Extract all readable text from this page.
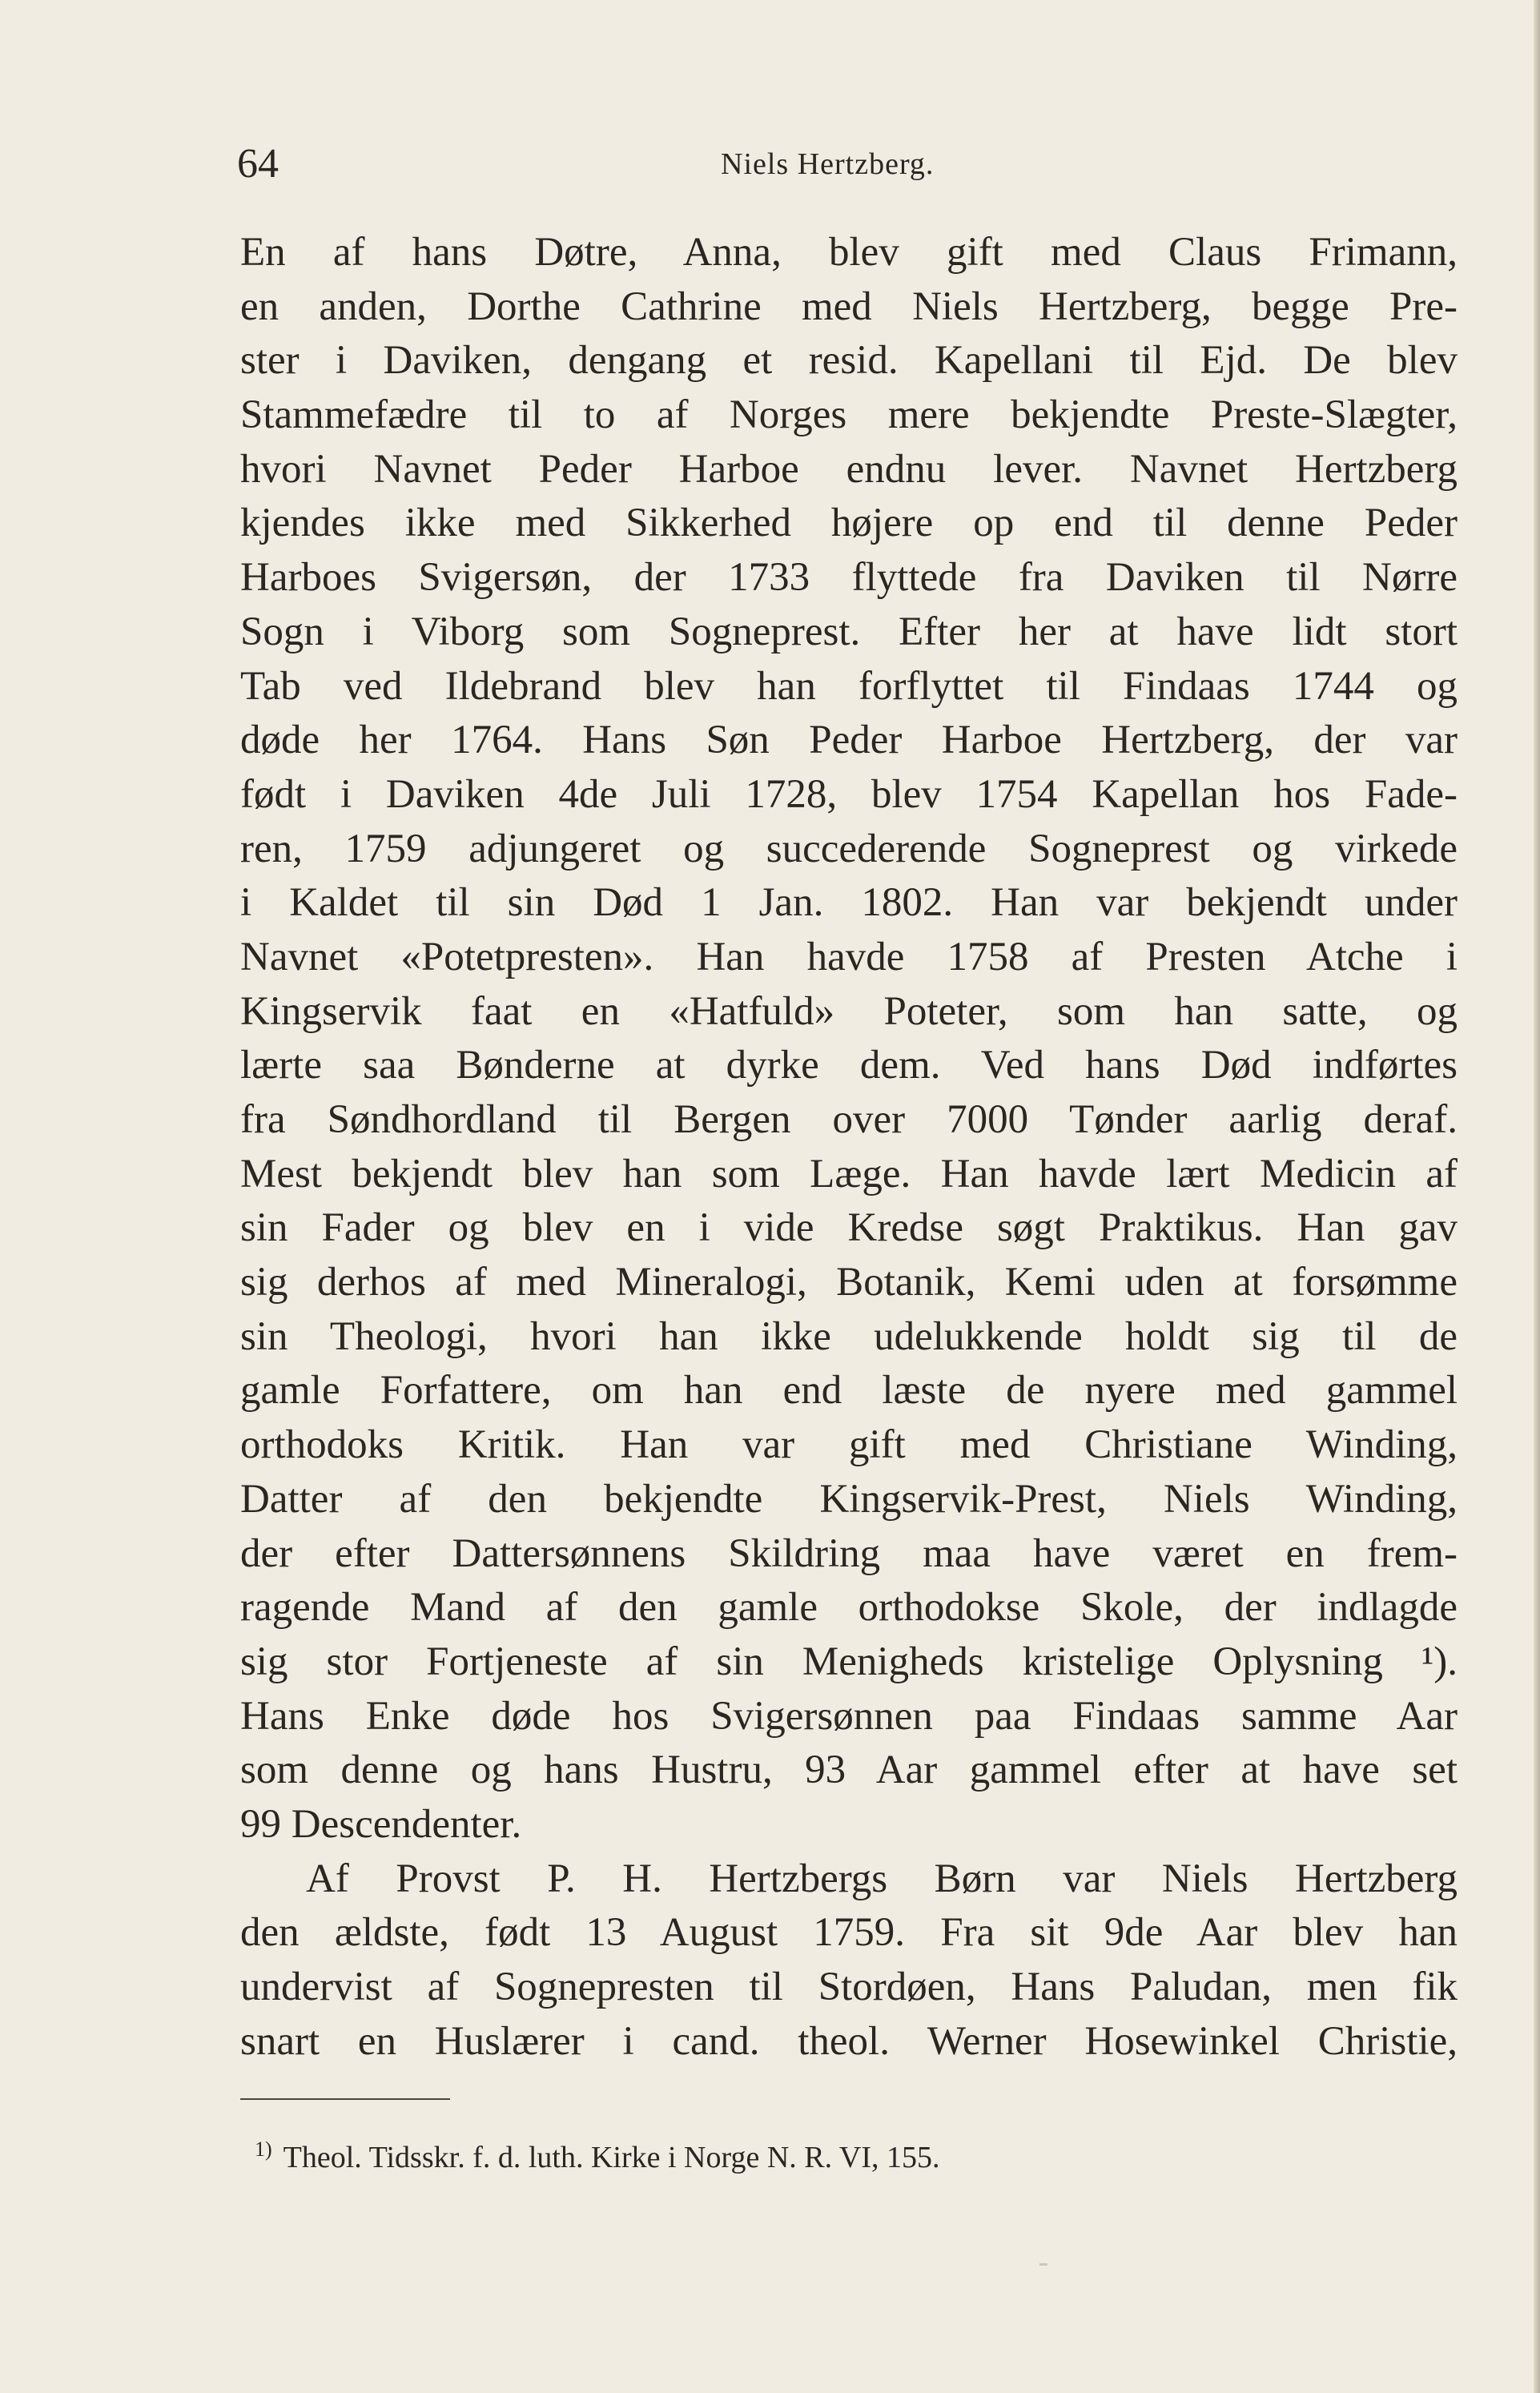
64	Niels Hertzberg.
En af hans Døtre, Anna, blev gift med Claus Frimann,
en anden, Dorthe Cathrine med Niels Hertzberg, begge Pre-
ster i Daviken, dengang et resid. Kapellani til Ejd. De blev
Stammefædre til to af Norges mere bekjendte Preste-Slægter,
hvori Navnet Peder Harboe endnu lever. Navnet Hertzberg
kjendes ikke med Sikkerhed højere op end til denne Peder
Harboes Svigersøn, der 1733 flyttede fra Daviken til Nørre
Sogn i Viborg som Sogneprest. Efter her at have lidt stort
Tab ved Ildebrand blev han forflyttet til Findaas 1744 og
døde her 1764. Hans Søn Peder Harboe Hertzberg, der var
født i Daviken 4de Juli 1728, blev 1754 Kapellan hos Fade-
ren, 1759 adjungeret og succederende Sogneprest og virkede
i Kaldet til sin Død 1 Jan. 1802. Han var bekjendt under
Navnet «Potetpresten». Han havde 1758 af Presten Atche i
Kingservik faat en «Hatfuld» Poteter, som han satte, og
lærte saa Bønderne at dyrke dem. Ved hans Død indførtes
fra Søndhordland til Bergen over 7000 Tønder aarlig deraf.
Mest bekjendt blev han som Læge. Han havde lært Medicin af
sin Fader og blev en i vide Kredse søgt Praktikus. Han gav
sig derhos af med Mineralogi, Botanik, Kemi uden at forsømme
sin Theologi, hvori han ikke udelukkende holdt sig til de
gamle Forfattere, om han end læste de nyere med gammel
orthodoks Kritik. Han var gift med Christiane Winding,
Datter af den bekjendte Kingservik-Prest, Niels Winding,
der efter Dattersønnens Skildring maa have været en frem-
ragende Mand af den gamle orthodokse Skole, der indlagde
sig stor Fortjeneste af sin Menigheds kristelige Oplysning ¹).
Hans Enke døde hos Svigersønnen paa Findaas samme Aar
som denne og hans Hustru, 93 Aar gammel efter at have set
99 Descendenter.
Af Provst P. H. Hertzbergs Børn var Niels Hertzberg
den ældste, født 13 August 1759. Fra sit 9de Aar blev han
undervist af Sognepresten til Stordøen, Hans Paludan, men fik
snart en Huslærer i cand. theol. Werner Hosewinkel Christie,
$^{1)}$ Theol. Tidsskr. f. d. luth. Kirke i Norge N. R. VI, 155.
